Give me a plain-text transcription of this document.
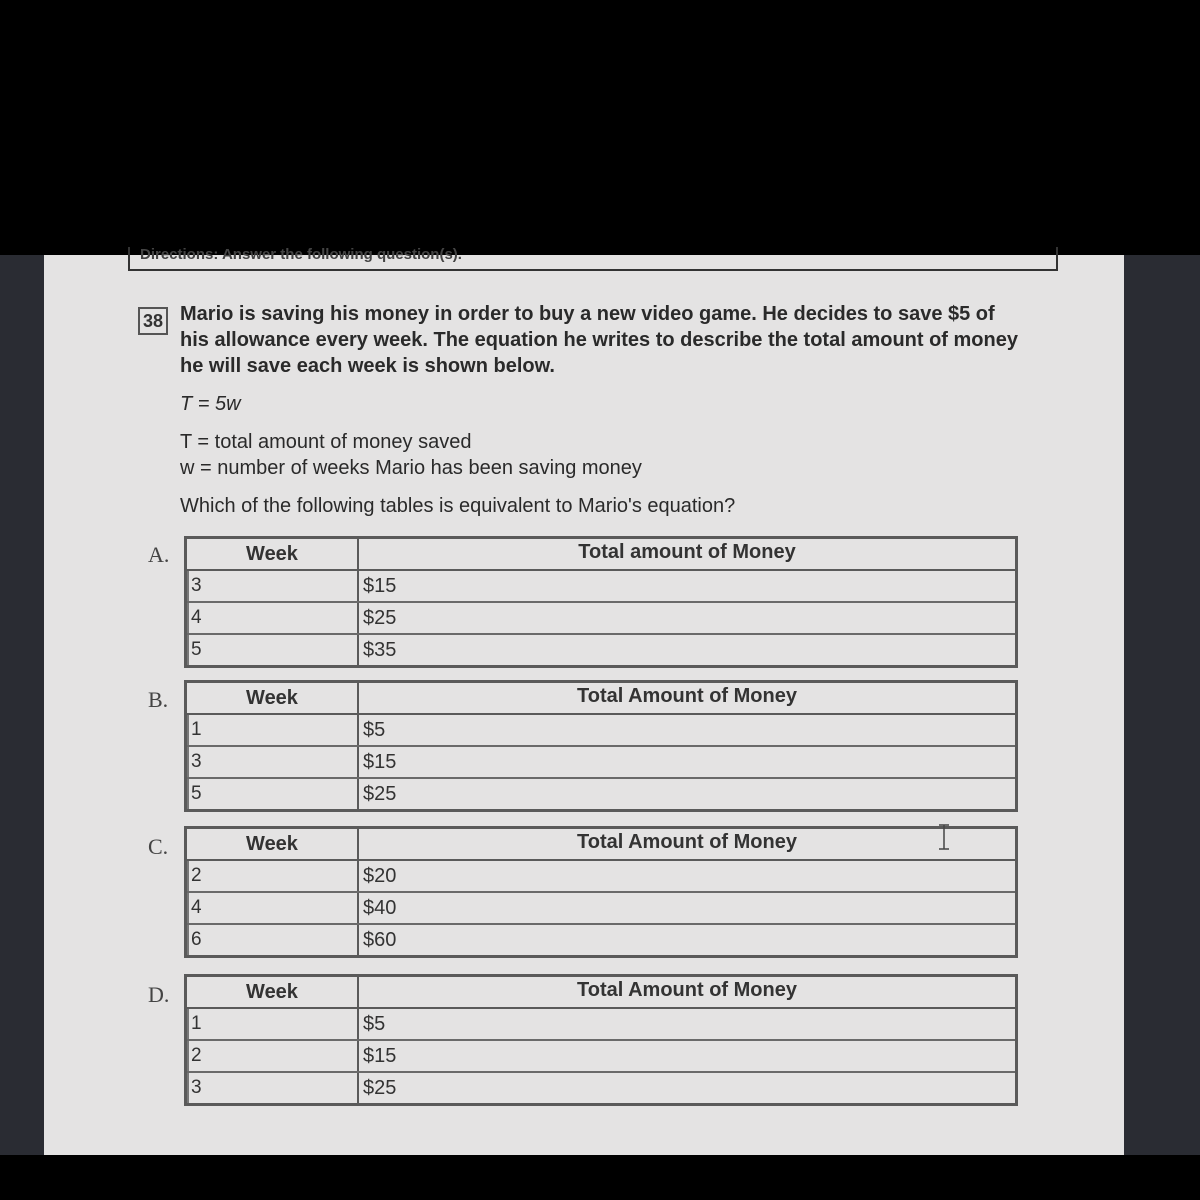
Directions: Answer the following question(s).
38 Mario is saving his money in order to buy a new video game. He decides to save $5 of his allowance every week. The equation he writes to describe the total amount of money he will save each week is shown below.
T = 5w
T = total amount of money saved
w = number of weeks Mario has been saving money
Which of the following tables is equivalent to Mario's equation?
A.	Week	Total amount of Money
3	$15
4	$25
5	$35
B.	Week	Total Amount of Money
1	$5
3	$15
5	$25
C.	Week	Total Amount of Money
2	$20
4	$40
6	$60
D.	Week	Total Amount of Money
1	$5
2	$15
3	$25
